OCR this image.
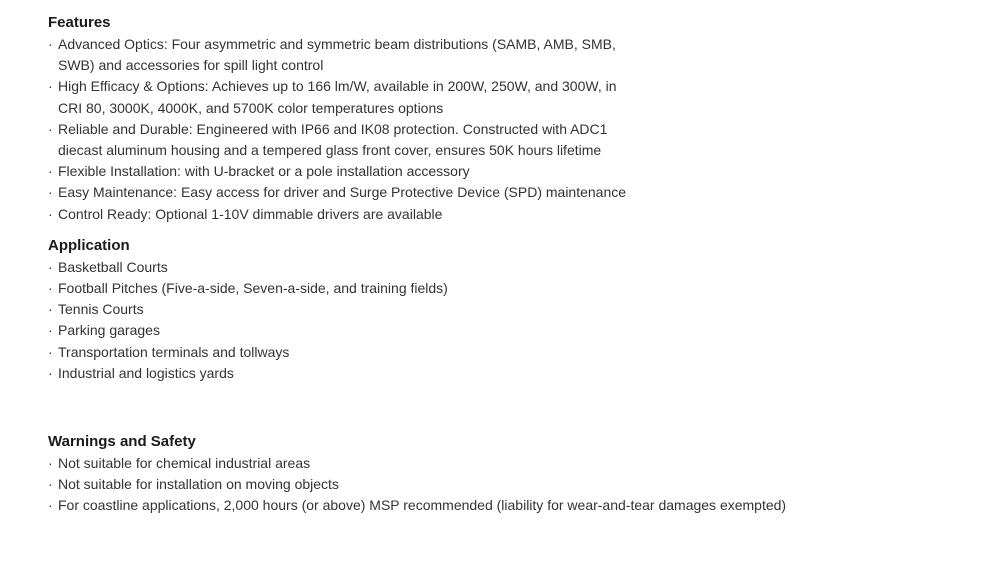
Features
· Advanced Optics: Four asymmetric and symmetric beam distributions (SAMB, AMB, SMB, SWB) and accessories for spill light control
· High Efficacy & Options: Achieves up to 166 lm/W, available in 200W, 250W, and 300W, in CRI 80, 3000K, 4000K, and 5700K color temperatures options
· Reliable and Durable: Engineered with IP66 and IK08 protection. Constructed with ADC1 diecast aluminum housing and a tempered glass front cover, ensures 50K hours lifetime
· Flexible Installation: with U-bracket or a pole installation accessory
· Easy Maintenance: Easy access for driver and Surge Protective Device (SPD) maintenance
· Control Ready: Optional 1-10V dimmable drivers are available
Application
· Basketball Courts
· Football Pitches (Five-a-side, Seven-a-side, and training fields)
· Tennis Courts
· Parking garages
· Transportation terminals and tollways
· Industrial and logistics yards
Warnings and Safety
· Not suitable for chemical industrial areas
· Not suitable for installation on moving objects
· For coastline applications, 2,000 hours (or above) MSP recommended (liability for wear-and-tear damages exempted)
